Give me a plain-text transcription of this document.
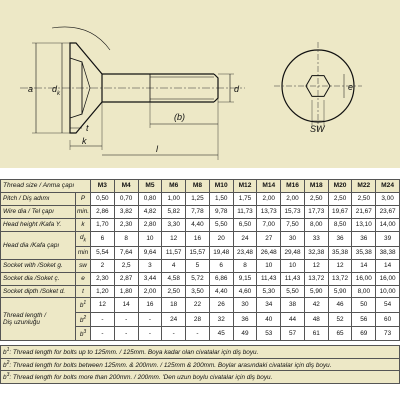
a d k
t
k
(b)
l
d	e
SW
Thread size / Anma çapı		M3	M4	M5	M6	M8	M10	M12	M14	M16	M18	M20	M22	M24
Pitch / Diş adımı	P	0,50	0,70	0,80	1,00	1,25	1,50	1,75	2,00	2,00	2,50	2,50	2,50	3,00
Wire dia / Tel çapı	min.	2,86	3,82	4,82	5,82	7,78	9,78	11,73	13,73	15,73	17,73	19,67	21,67	23,67
Head height /Kafa Y.	k	1,70	2,30	2,80	3,30	4,40	5,50	6,50	7,00	7,50	8,00	8,50	13,10	14,00
Head dia /Kafa çapı	$d_k$	6	8	10	12	16	20	24	27	30	33	36	36	39
	min	5,54	7,64	9,64	11,57	15,57	19,48	23,48	26,48	29,48	32,38	35,38	35,38	38,38
Socket with /Soket g.	sw	2	2,5	3	4	5	6	8	10	10	12	12	14	14
Socket dia /Soket ç.	e	2,30	2,87	3,44	4,58	5,72	6,86	9,15	11,43	11,43	13,72	13,72	16,00	16,00
Socket dipth /Soket d.	t	1,20	1,80	2,00	2,50	3,50	4,40	4,60	5,30	5,50	5,90	5,90	8,00	10,00
Thread length /
Diş uzunluğu	$b^1$	12	14	16	18	22	26	30	34	38	42	46	50	54
	$b^2$	-	-	-	24	28	32	36	40	44	48	52	56	60
	$b^3$	-	-	-	-	-	45	49	53	57	61	65	69	73
$b^1$: Thread length for bolts up to 125mm. / 125mm. Boya kadar olan civatalar için diş boyu.
$b^2$: Thread length for bolts between 125mm. & 200mm. / 125mm & 200mm. Boylar arasındaki civatalar için diş boyu.
$b^3$: Thread length for bolts more than 200mm. / 200mm. 'Den uzun boylu civatalar için diş boyu.
